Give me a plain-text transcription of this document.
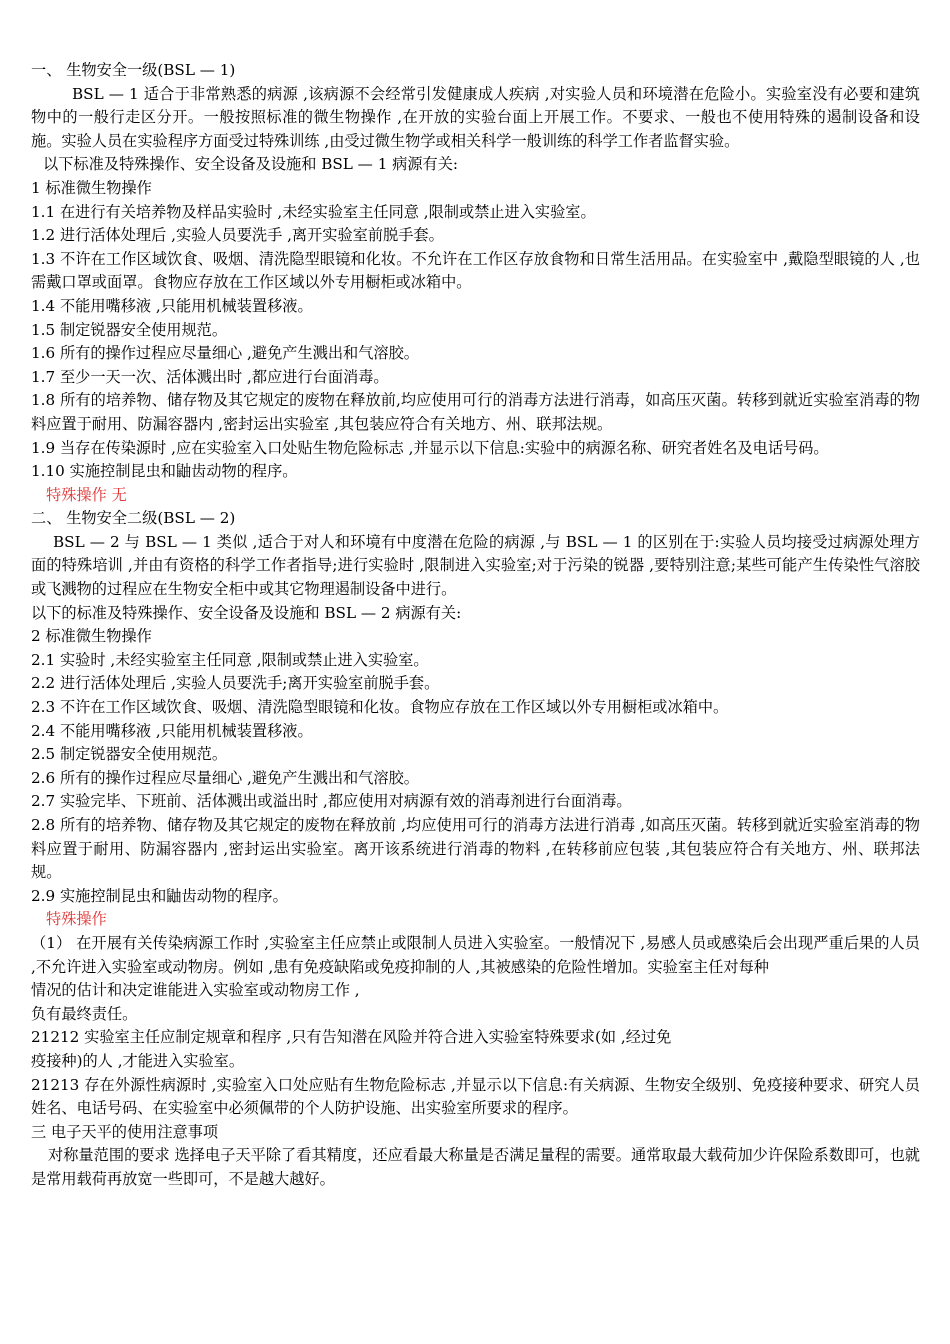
一、 生物安全一级(BSL — 1)

BSL — 1 适合于非常熟悉的病源 ,该病源不会经常引发健康成人疾病 ,对实验人员和环境潜在危险小。实验室没有必要和建筑物中的一般行走区分开。一般按照标准的微生物操作 ,在开放的实验台面上开展工作。不要求、一般也不使用特殊的遏制设备和设施。实验人员在实验程序方面受过特殊训练 ,由受过微生物学或相关科学一般训练的科学工作者监督实验。

以下标准及特殊操作、安全设备及设施和 BSL — 1 病源有关:

1 标准微生物操作

1.1 在进行有关培养物及样品实验时 ,未经实验室主任同意 ,限制或禁止进入实验室。

1.2 进行活体处理后 ,实验人员要洗手 ,离开实验室前脱手套。

1.3 不许在工作区域饮食、吸烟、清洗隐型眼镜和化妆。不允许在工作区存放食物和日常生活用品。在实验室中 ,戴隐型眼镜的人 ,也需戴口罩或面罩。食物应存放在工作区域以外专用橱柜或冰箱中。

1.4 不能用嘴移液 ,只能用机械装置移液。

1.5 制定锐器安全使用规范。

1.6 所有的操作过程应尽量细心 ,避免产生溅出和气溶胶。

1.7 至少一天一次、活体溅出时 ,都应进行台面消毒。

1.8 所有的培养物、储存物及其它规定的废物在释放前,均应使用可行的消毒方法进行消毒，如高压灭菌。转移到就近实验室消毒的物料应置于耐用、防漏容器内 ,密封运出实验室 ,其包装应符合有关地方、州、联邦法规。

1.9 当存在传染源时 ,应在实验室入口处贴生物危险标志 ,并显示以下信息:实验中的病源名称、研究者姓名及电话号码。

1.10 实施控制昆虫和鼬齿动物的程序。

特殊操作 无

二、 生物安全二级(BSL — 2)

BSL — 2 与 BSL — 1 类似 ,适合于对人和环境有中度潜在危险的病源 ,与 BSL — 1 的区别在于:实验人员均接受过病源处理方面的特殊培训 ,并由有资格的科学工作者指导;进行实验时 ,限制进入实验室;对于污染的锐器 ,要特别注意;某些可能产生传染性气溶胶或飞溅物的过程应在生物安全柜中或其它物理遏制设备中进行。

以下的标准及特殊操作、安全设备及设施和 BSL — 2 病源有关:

2 标准微生物操作

2.1 实验时 ,未经实验室主任同意 ,限制或禁止进入实验室。

2.2 进行活体处理后 ,实验人员要洗手;离开实验室前脱手套。

2.3 不许在工作区域饮食、吸烟、清洗隐型眼镜和化妆。食物应存放在工作区域以外专用橱柜或冰箱中。

2.4 不能用嘴移液 ,只能用机械装置移液。

2.5 制定锐器安全使用规范。

2.6 所有的操作过程应尽量细心 ,避免产生溅出和气溶胶。

2.7 实验完毕、下班前、活体溅出或溢出时 ,都应使用对病源有效的消毒剂进行台面消毒。

2.8 所有的培养物、储存物及其它规定的废物在释放前 ,均应使用可行的消毒方法进行消毒 ,如高压灭菌。转移到就近实验室消毒的物料应置于耐用、防漏容器内 ,密封运出实验室。离开该系统进行消毒的物料 ,在转移前应包装 ,其包装应符合有关地方、州、联邦法规。

2.9 实施控制昆虫和鼬齿动物的程序。

特殊操作

（1） 在开展有关传染病源工作时 ,实验室主任应禁止或限制人员进入实验室。一般情况下 ,易感人员或感染后会出现严重后果的人员 ,不允许进入实验室或动物房。例如 ,患有免疫缺陷或免疫抑制的人 ,其被感染的危险性增加。实验室主任对每种

情况的估计和决定谁能进入实验室或动物房工作 ,

负有最终责任。

21212 实验室主任应制定规章和程序 ,只有告知潜在风险并符合进入实验室特殊要求(如 ,经过免

疫接种)的人 ,才能进入实验室。

21213 存在外源性病源时 ,实验室入口处应贴有生物危险标志 ,并显示以下信息:有关病源、生物安全级别、免疫接种要求、研究人员姓名、电话号码、在实验室中必须佩带的个人防护设施、出实验室所要求的程序。

三 电子天平的使用注意事项

对称量范围的要求 选择电子天平除了看其精度，还应看最大称量是否满足量程的需要。通常取最大载荷加少许保险系数即可，也就是常用载荷再放宽一些即可，不是越大越好。
